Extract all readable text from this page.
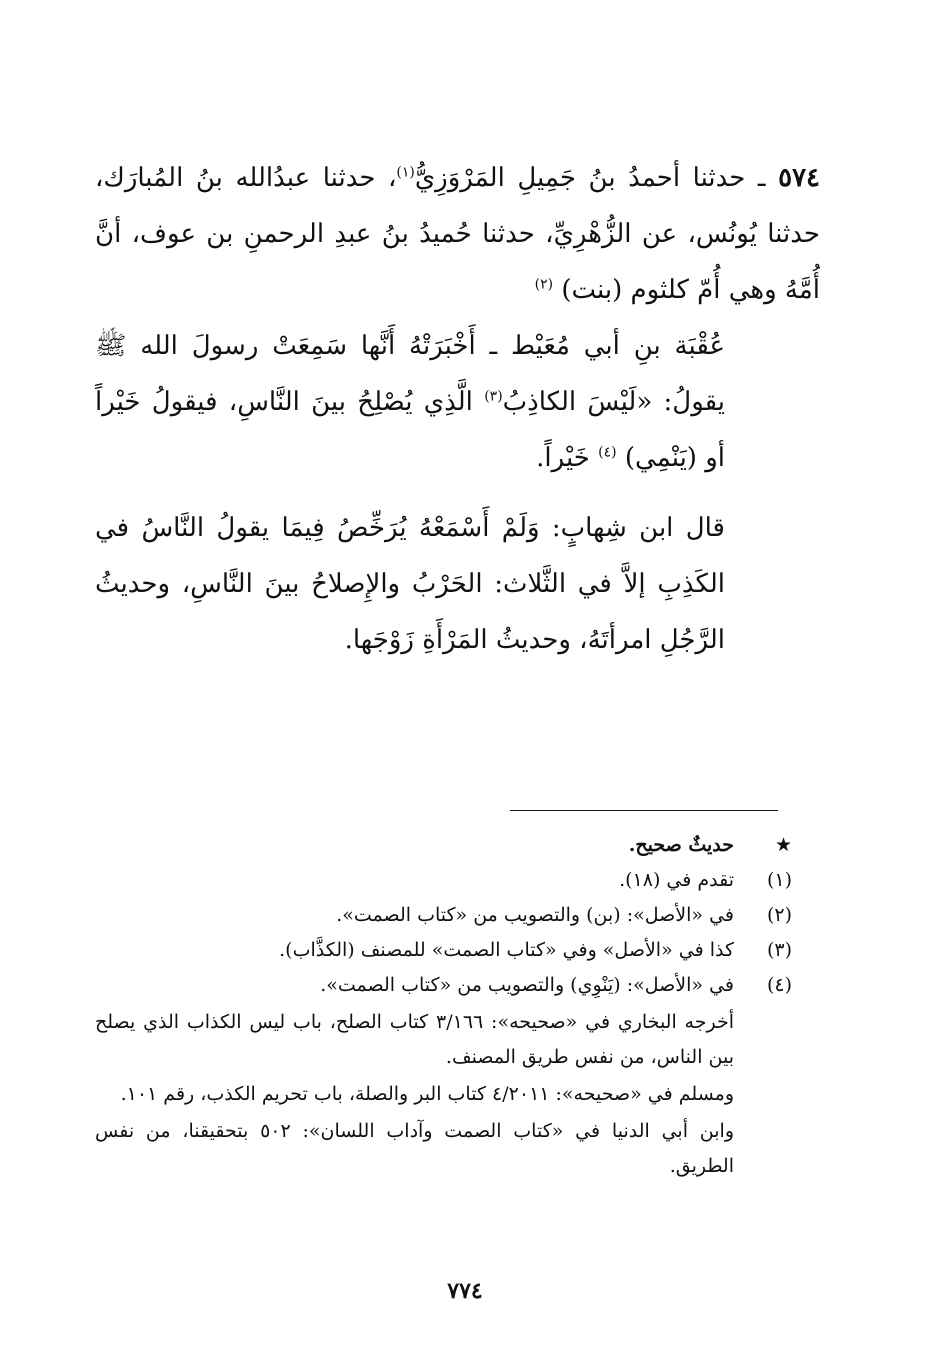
٥٧٤ ـ حدثنا أحمدُ بنُ جَمِيلِ المَرْوَزِيُّ$^{(١)}$، حدثنا عبدُالله بنُ المُبارَك، حدثنا يُونُس، عن الزُّهْرِيِّ، حدثنا حُميدُ بنُ عبدِ الرحمنِ بن عوف، أنَّ أُمَّهُ وهي أُمّ كلثوم (بنت) $^{(٢)}$
عُقْبَة بنِ أبي مُعَيْط ـ أَخْبَرَتْهُ أَنَّها سَمِعَتْ رسولَ الله ﷺ يقولُ: «لَيْسَ الكاذِبُ$^{(٣)}$ الَّذِي يُصْلِحُ بينَ النَّاسِ، فيقولُ خَيْراً أو (يَنْمِي) $^{(٤)}$ خَيْراً.

قال ابن شِهابٍ: وَلَمْ أَسْمَعْهُ يُرَخِّصُ فِيمَا يقولُ النَّاسُ في الكَذِبِ إلاَّ في الثَّلاث: الحَرْبُ والإِصلاحُ بينَ النَّاسِ، وحديثُ الرَّجُلِ امرأتَهُ، وحديثُ المَرْأَةِ زَوْجَها.

★
حديثٌ صحيح.
(١)
تقدم في (١٨).
(٢)
في «الأصل»: (بن) والتصويب من «كتاب الصمت».
(٣)
كذا في «الأصل» وفي «كتاب الصمت» للمصنف (الكذَّاب).
(٤)
في «الأصل»: (يَنْوِي) والتصويب من «كتاب الصمت».
أخرجه البخاري في «صحيحه»: ٣/١٦٦ كتاب الصلح، باب ليس الكذاب الذي يصلح بين الناس، من نفس طريق المصنف.
ومسلم في «صحيحه»: ٤/٢٠١١ كتاب البر والصلة، باب تحريم الكذب، رقم ١٠١.
وابن أبي الدنيا في «كتاب الصمت وآداب اللسان»: ٥٠٢ بتحقيقنا، من نفس الطريق.
٧٧٤
